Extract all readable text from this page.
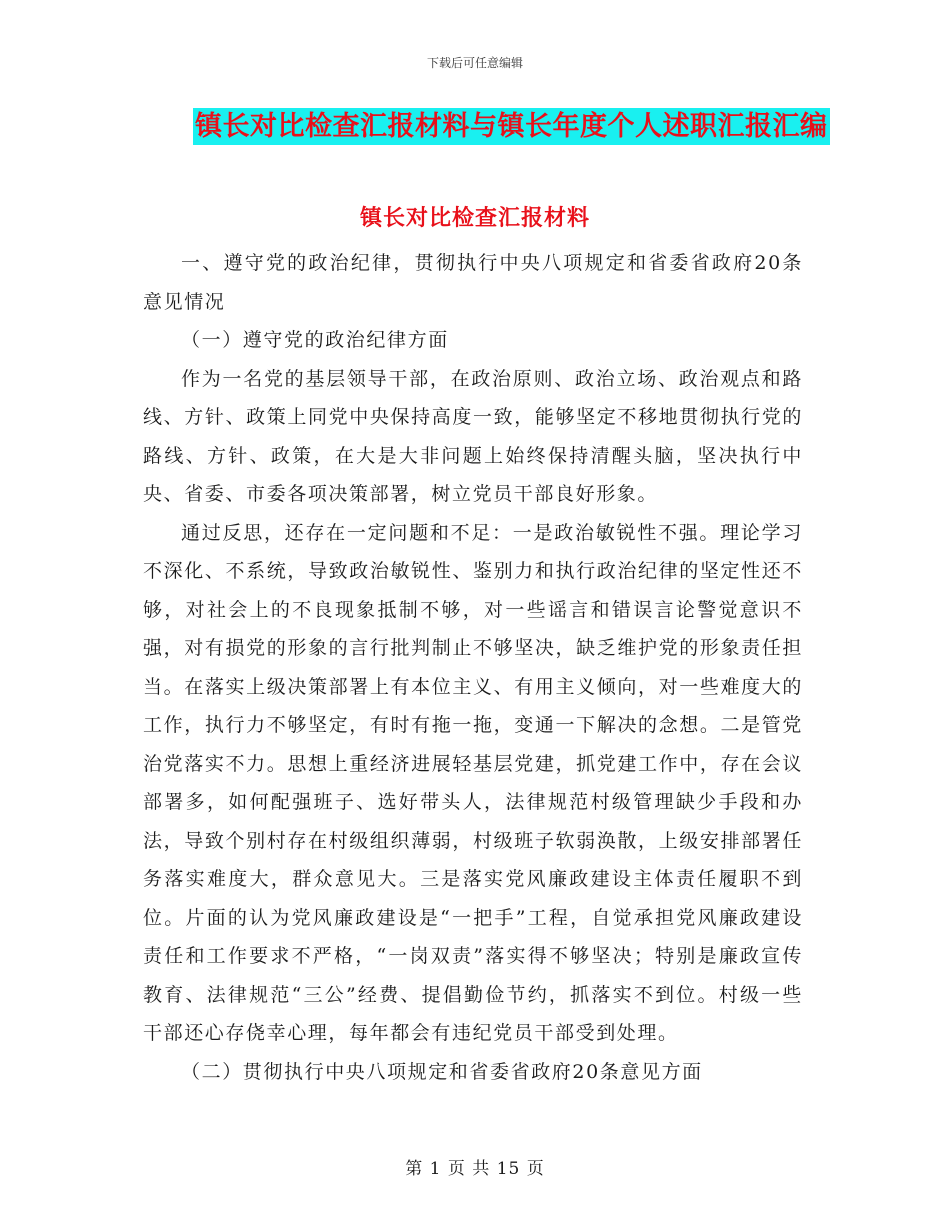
下载后可任意编辑
镇长对比检查汇报材料与镇长年度个人述职汇报汇编
镇长对比检查汇报材料

一、遵守党的政治纪律，贯彻执行中央八项规定和省委省政府20条意见情况

（一）遵守党的政治纪律方面

作为一名党的基层领导干部，在政治原则、政治立场、政治观点和路线、方针、政策上同党中央保持高度一致，能够坚定不移地贯彻执行党的路线、方针、政策，在大是大非问题上始终保持清醒头脑，坚决执行中央、省委、市委各项决策部署，树立党员干部良好形象。

通过反思，还存在一定问题和不足：一是政治敏锐性不强。理论学习不深化、不系统，导致政治敏锐性、鉴别力和执行政治纪律的坚定性还不够，对社会上的不良现象抵制不够，对一些谣言和错误言论警觉意识不强，对有损党的形象的言行批判制止不够坚决，缺乏维护党的形象责任担当。在落实上级决策部署上有本位主义、有用主义倾向，对一些难度大的工作，执行力不够坚定，有时有拖一拖，变通一下解决的念想。二是管党治党落实不力。思想上重经济进展轻基层党建，抓党建工作中，存在会议部署多，如何配强班子、选好带头人，法律规范村级管理缺少手段和办法，导致个别村存在村级组织薄弱，村级班子软弱涣散，上级安排部署任务落实难度大，群众意见大。三是落实党风廉政建设主体责任履职不到位。片面的认为党风廉政建设是“一把手”工程，自觉承担党风廉政建设责任和工作要求不严格，“一岗双责”落实得不够坚决；特别是廉政宣传教育、法律规范“三公”经费、提倡勤俭节约，抓落实不到位。村级一些干部还心存侥幸心理，每年都会有违纪党员干部受到处理。

（二）贯彻执行中央八项规定和省委省政府20条意见方面

第 1 页 共 15 页
